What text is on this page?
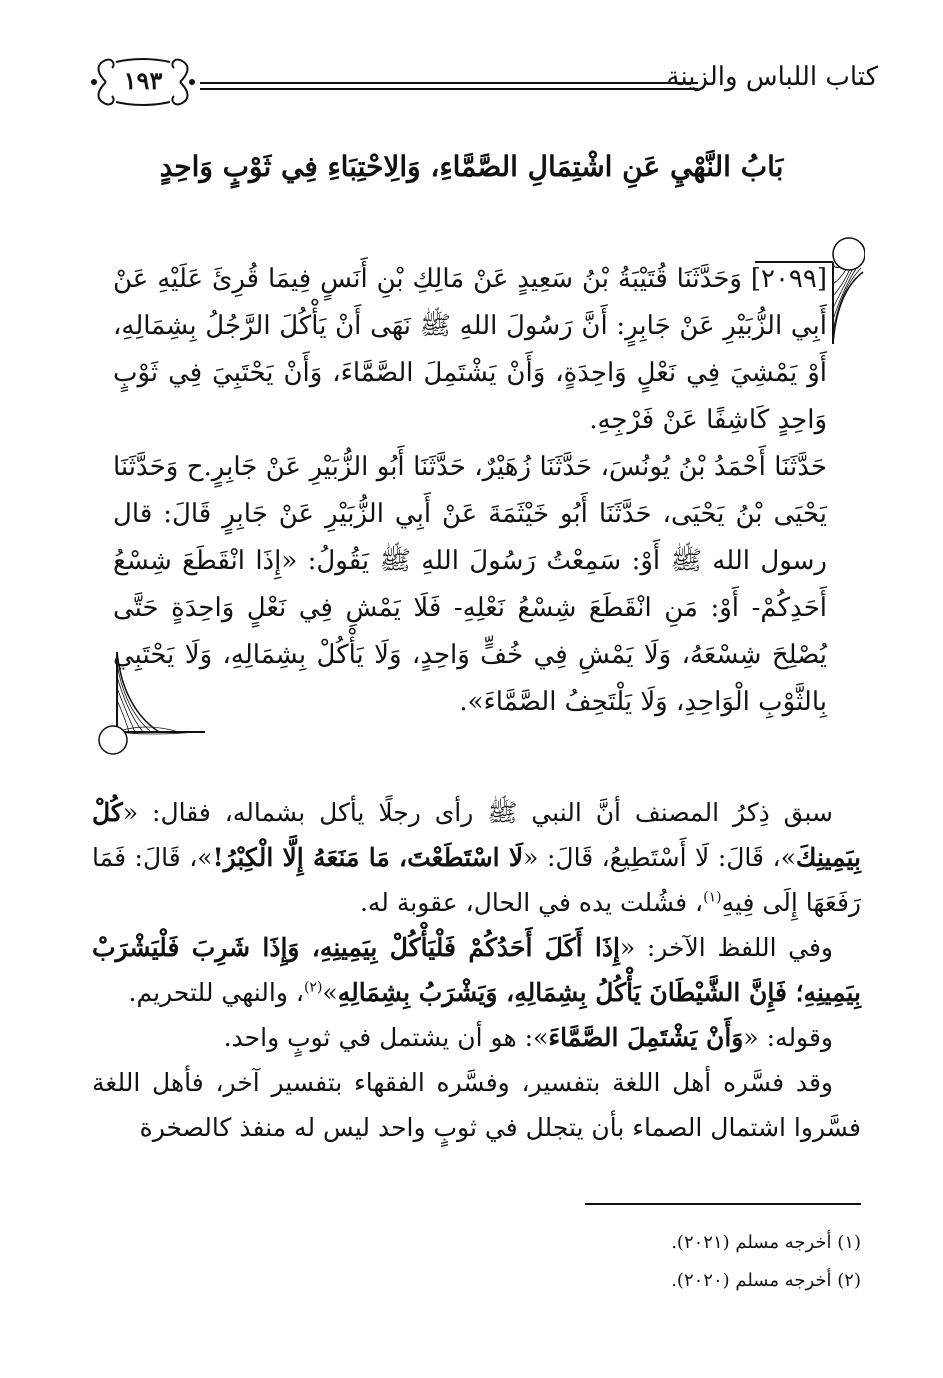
كتاب اللباس والزينة
١٩٣
بَابُ النَّهْيِ عَنِ اشْتِمَالِ الصَّمَّاءِ، وَالِاحْتِبَاءِ فِي ثَوْبٍ وَاحِدٍ

[٢٠٩٩] وَحَدَّثَنَا قُتَيْبَةُ بْنُ سَعِيدٍ عَنْ مَالِكِ بْنِ أَنَسٍ فِيمَا قُرِئَ عَلَيْهِ عَنْ أَبِي الزُّبَيْرِ عَنْ جَابِرٍ: أَنَّ رَسُولَ اللهِ ﷺ نَهَى أَنْ يَأْكُلَ الرَّجُلُ بِشِمَالِهِ، أَوْ يَمْشِيَ فِي نَعْلٍ وَاحِدَةٍ، وَأَنْ يَشْتَمِلَ الصَّمَّاءَ، وَأَنْ يَحْتَبِيَ فِي ثَوْبٍ وَاحِدٍ كَاشِفًا عَنْ فَرْجِهِ.

حَدَّثَنَا أَحْمَدُ بْنُ يُونُسَ، حَدَّثَنَا زُهَيْرٌ، حَدَّثَنَا أَبُو الزُّبَيْرِ عَنْ جَابِرٍ.ح وَحَدَّثَنَا يَحْيَى بْنُ يَحْيَى، حَدَّثَنَا أَبُو خَيْثَمَةَ عَنْ أَبِي الزُّبَيْرِ عَنْ جَابِرٍ قَالَ: قال رسول الله ﷺ أَوْ: سَمِعْتُ رَسُولَ اللهِ ﷺ يَقُولُ: «إِذَا انْقَطَعَ شِسْعُ أَحَدِكُمْ- أَوْ: مَنِ انْقَطَعَ شِسْعُ نَعْلِهِ- فَلَا يَمْشِ فِي نَعْلٍ وَاحِدَةٍ حَتَّى يُصْلِحَ شِسْعَهُ، وَلَا يَمْشِ فِي خُفٍّ وَاحِدٍ، وَلَا يَأْكُلْ بِشِمَالِهِ، وَلَا يَحْتَبِي بِالثَّوْبِ الْوَاحِدِ، وَلَا يَلْتَحِفُ الصَّمَّاءَ».

سبق ذِكرُ المصنف أنَّ النبي ﷺ رأى رجلًا يأكل بشماله، فقال: «كُلْ بِيَمِينِكَ»، قَالَ: لَا أَسْتَطِيعُ، قَالَ: «لَا اسْتَطَعْتَ، مَا مَنَعَهُ إِلَّا الْكِبْرُ!»، قَالَ: فَمَا رَفَعَهَا إِلَى فِيهِ$^{(١)}$، فشُلت يده في الحال، عقوبة له.

وفي اللفظ الآخر: «إِذَا أَكَلَ أَحَدُكُمْ فَلْيَأْكُلْ بِيَمِينِهِ، وَإِذَا شَرِبَ فَلْيَشْرَبْ بِيَمِينِهِ؛ فَإِنَّ الشَّيْطَانَ يَأْكُلُ بِشِمَالِهِ، وَيَشْرَبُ بِشِمَالِهِ»$^{(٢)}$، والنهي للتحريم.

وقوله: «وَأَنْ يَشْتَمِلَ الصَّمَّاءَ»: هو أن يشتمل في ثوبٍ واحد.

وقد فسَّره أهل اللغة بتفسير، وفسَّره الفقهاء بتفسير آخر، فأهل اللغة فسَّروا اشتمال الصماء بأن يتجلل في ثوبٍ واحد ليس له منفذ كالصخرة

(١) أخرجه مسلم (٢٠٢١).
(٢) أخرجه مسلم (٢٠٢٠).
